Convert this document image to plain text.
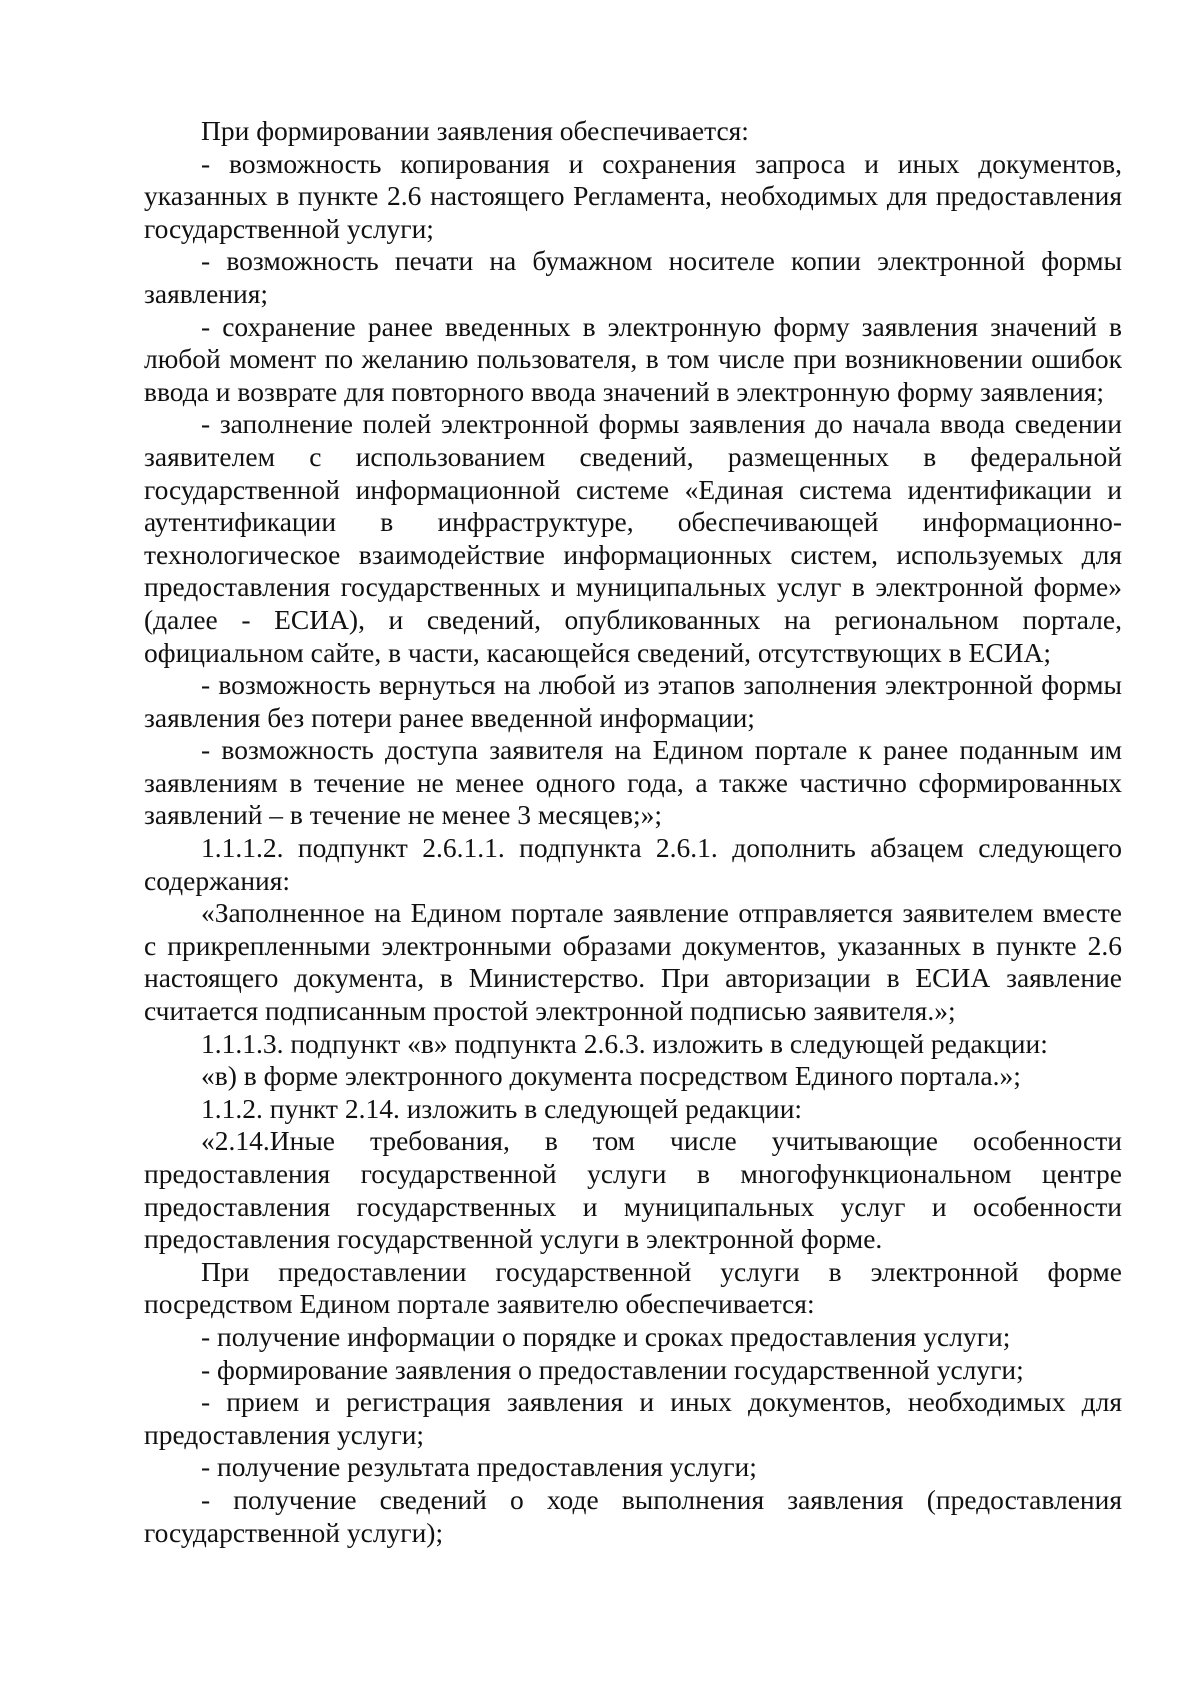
При формировании заявления обеспечивается:

- возможность копирования и сохранения запроса и иных документов, указанных в пункте 2.6 настоящего Регламента, необходимых для предоставления государственной услуги;

- возможность печати на бумажном носителе копии электронной формы заявления;

- сохранение ранее введенных в электронную форму заявления значений в любой момент по желанию пользователя, в том числе при возникновении ошибок ввода и возврате для повторного ввода значений в электронную форму заявления;

- заполнение полей электронной формы заявления до начала ввода сведении заявителем с использованием сведений, размещенных в федеральной государственной информационной системе «Единая система идентификации и аутентификации в инфраструктуре, обеспечивающей информационно-технологическое взаимодействие информационных систем, используемых для предоставления государственных и муниципальных услуг в электронной форме» (далее - ЕСИА), и сведений, опубликованных на региональном портале, официальном сайте, в части, касающейся сведений, отсутствующих в ЕСИА;

- возможность вернуться на любой из этапов заполнения электронной формы заявления без потери ранее введенной информации;

- возможность доступа заявителя на Едином портале к ранее поданным им заявлениям в течение не менее одного года, а также частично сформированных заявлений – в течение не менее 3 месяцев;»;

1.1.1.2. подпункт 2.6.1.1. подпункта 2.6.1. дополнить абзацем следующего содержания:

«Заполненное на Едином портале заявление отправляется заявителем вместе с прикрепленными электронными образами документов, указанных в пункте 2.6 настоящего документа, в Министерство. При авторизации в ЕСИА заявление считается подписанным простой электронной подписью заявителя.»;

1.1.1.3. подпункт «в» подпункта 2.6.3. изложить в следующей редакции:

«в) в форме электронного документа посредством Единого портала.»;

1.1.2. пункт 2.14. изложить в следующей редакции:

«2.14.Иные требования, в том числе учитывающие особенности предоставления государственной услуги в многофункциональном центре предоставления государственных и муниципальных услуг и особенности предоставления государственной услуги в электронной форме.

При предоставлении государственной услуги в электронной форме посредством Едином портале заявителю обеспечивается:

- получение информации о порядке и сроках предоставления услуги;

- формирование заявления о предоставлении государственной услуги;

- прием и регистрация заявления и иных документов, необходимых для предоставления услуги;

- получение результата предоставления услуги;

- получение сведений о ходе выполнения заявления (предоставления государственной услуги);
